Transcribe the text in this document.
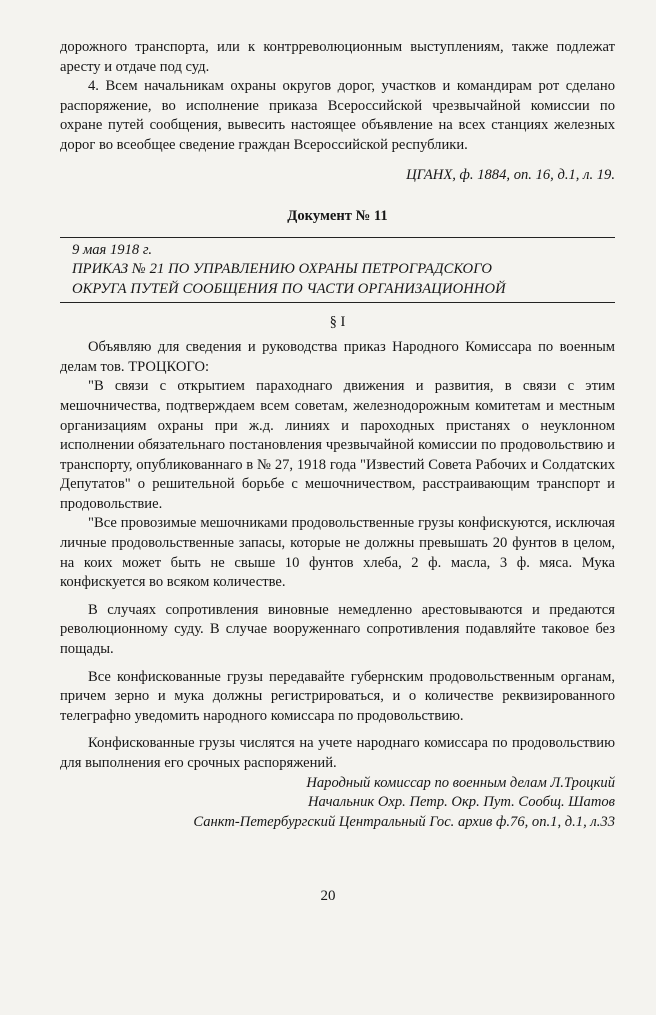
дорожного транспорта, или к контрреволюционным выступлениям, также подлежат аресту и отдаче под суд.

4. Всем начальникам охраны округов дорог, участков и командирам рот сделано распоряжение, во исполнение приказа Всероссийской чрезвычайной комиссии по охране путей сообщения, вывесить настоящее объявление на всех станциях железных дорог во всеобщее сведение граждан Всероссийской республики.

ЦГАНХ, ф. 1884, оп. 16, д.1, л. 19.

Документ № 11

9 мая 1918 г.

ПРИКАЗ № 21 ПО УПРАВЛЕНИЮ ОХРАНЫ ПЕТРОГРАДСКОГО

ОКРУГА ПУТЕЙ СООБЩЕНИЯ ПО ЧАСТИ ОРГАНИЗАЦИОННОЙ

§ I

Объявляю для сведения и руководства приказ Народного Комиссара по военным делам тов. ТРОЦКОГО:

"В связи с открытием параходнаго движения и развития, в связи с этим мешочничества, подтверждаем всем советам, железнодорожным комитетам и местным организациям охраны при ж.д. линиях и пароходных пристанях о неуклонном исполнении обязательнаго постановления чрезвычайной комиссии по продовольствию и транспорту, опубликованнаго в № 27, 1918 года "Известий Совета Рабочих и Солдатских Депутатов" о решительной борьбе с мешочничеством, расстраивающим транспорт и продовольствие.

"Все провозимые мешочниками продовольственные грузы конфискуются, исключая личные продовольственные запасы, которые не должны превышать 20 фунтов в целом, на коих может быть не свыше 10 фунтов хлеба, 2 ф. масла, 3 ф. мяса. Мука конфискуется во всяком количестве.

В случаях сопротивления виновные немедленно арестовываются и предаются революционному суду. В случае вооруженнаго сопротивления подавляйте таковое без пощады.

Все конфискованные грузы передавайте губернским продовольственным органам, причем зерно и мука должны регистрироваться, и о количестве реквизированного телеграфно уведомить народного комиссара по продовольствию.

Конфискованные грузы числятся на учете народнаго комиссара по продовольствию для выполнения его срочных распоряжений.

Народный комиссар по военным делам Л.Троцкий

Начальник Охр. Петр. Окр. Пут. Сообщ. Шатов

Санкт-Петербургский Центральный Гос. архив ф.76, оп.1, д.1, л.33

20
